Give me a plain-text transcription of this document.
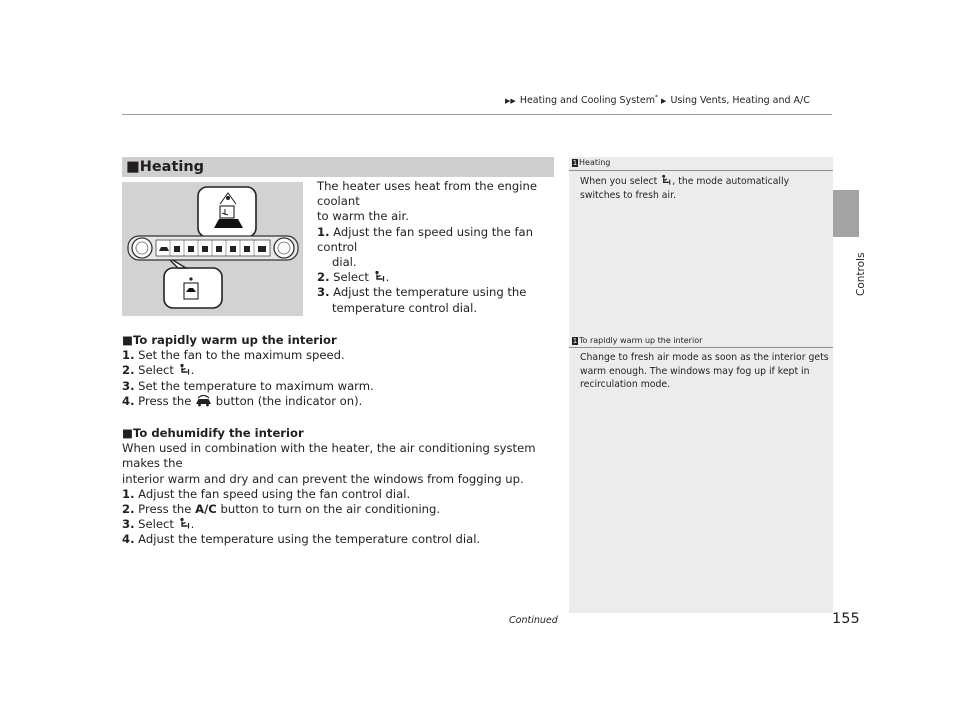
▶▶ Heating and Cooling System* ▶ Using Vents, Heating and A/C
Controls
■Heating
The heater uses heat from the engine coolant
to warm the air.
1. Adjust the fan speed using the fan control
dial.
2. Select .
3. Adjust the temperature using the
temperature control dial.
■To rapidly warm up the interior
1. Set the fan to the maximum speed.
2. Select .
3. Set the temperature to maximum warm.
4. Press the button (the indicator on).
■To dehumidify the interior
When used in combination with the heater, the air conditioning system makes the
interior warm and dry and can prevent the windows from fogging up.
1. Adjust the fan speed using the fan control dial.
2. Press the A/C button to turn on the air conditioning.
3. Select .
4. Adjust the temperature using the temperature control dial.
1 Heating
When you select , the mode automatically
switches to fresh air.
1 To rapidly warm up the interior
Change to fresh air mode as soon as the interior gets
warm enough. The windows may fog up if kept in
recirculation mode.
Continued	155
